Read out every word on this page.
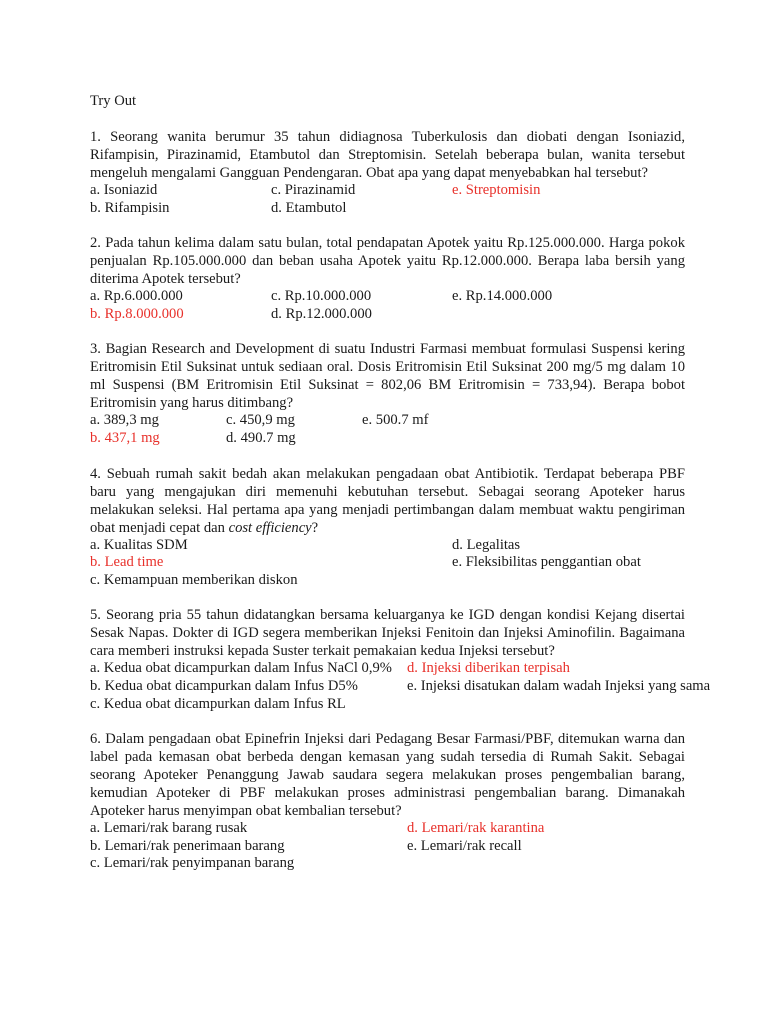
Try Out
1. Seorang wanita berumur 35 tahun didiagnosa Tuberkulosis dan diobati dengan Isoniazid, Rifampisin, Pirazinamid, Etambutol dan Streptomisin. Setelah beberapa bulan, wanita tersebut mengeluh mengalami Gangguan Pendengaran. Obat apa yang dapat menyebabkan hal tersebut?
a. Isoniazid	c. Pirazinamid	e. Streptomisin
b. Rifampisin	d. Etambutol
2. Pada tahun kelima dalam satu bulan, total pendapatan Apotek yaitu Rp.125.000.000. Harga pokok penjualan Rp.105.000.000 dan beban usaha Apotek yaitu Rp.12.000.000. Berapa laba bersih yang diterima Apotek tersebut?
a. Rp.6.000.000	c. Rp.10.000.000	e. Rp.14.000.000
b. Rp.8.000.000	d. Rp.12.000.000
3. Bagian Research and Development di suatu Industri Farmasi membuat formulasi Suspensi kering Eritromisin Etil Suksinat untuk sediaan oral. Dosis Eritromisin Etil Suksinat 200 mg/5 mg dalam 10 ml Suspensi (BM Eritromisin Etil Suksinat = 802,06 BM Eritromisin = 733,94). Berapa bobot Eritromisin yang harus ditimbang?
a. 389,3 mg	c. 450,9 mg	e. 500.7 mf
b. 437,1 mg	d. 490.7 mg
4. Sebuah rumah sakit bedah akan melakukan pengadaan obat Antibiotik. Terdapat beberapa PBF baru yang mengajukan diri memenuhi kebutuhan tersebut. Sebagai seorang Apoteker harus melakukan seleksi. Hal pertama apa yang menjadi pertimbangan dalam membuat waktu pengiriman obat menjadi cepat dan cost efficiency?
a. Kualitas SDM	d. Legalitas
b. Lead time	e. Fleksibilitas penggantian obat
c. Kemampuan memberikan diskon
5. Seorang pria 55 tahun didatangkan bersama keluarganya ke IGD dengan kondisi Kejang disertai Sesak Napas. Dokter di IGD segera memberikan Injeksi Fenitoin dan Injeksi Aminofilin. Bagaimana cara memberi instruksi kepada Suster terkait pemakaian kedua Injeksi tersebut?
a. Kedua obat dicampurkan dalam Infus NaCl 0,9% d. Injeksi diberikan terpisah
b. Kedua obat dicampurkan dalam Infus D5%	e. Injeksi disatukan dalam wadah Injeksi yang sama
c. Kedua obat dicampurkan dalam Infus RL
6. Dalam pengadaan obat Epinefrin Injeksi dari Pedagang Besar Farmasi/PBF, ditemukan warna dan label pada kemasan obat berbeda dengan kemasan yang sudah tersedia di Rumah Sakit. Sebagai seorang Apoteker Penanggung Jawab saudara segera melakukan proses pengembalian barang, kemudian Apoteker di PBF melakukan proses administrasi pengembalian barang. Dimanakah Apoteker harus menyimpan obat kembalian tersebut?
a. Lemari/rak barang rusak	d. Lemari/rak karantina
b. Lemari/rak penerimaan barang	e. Lemari/rak recall
c. Lemari/rak penyimpanan barang
